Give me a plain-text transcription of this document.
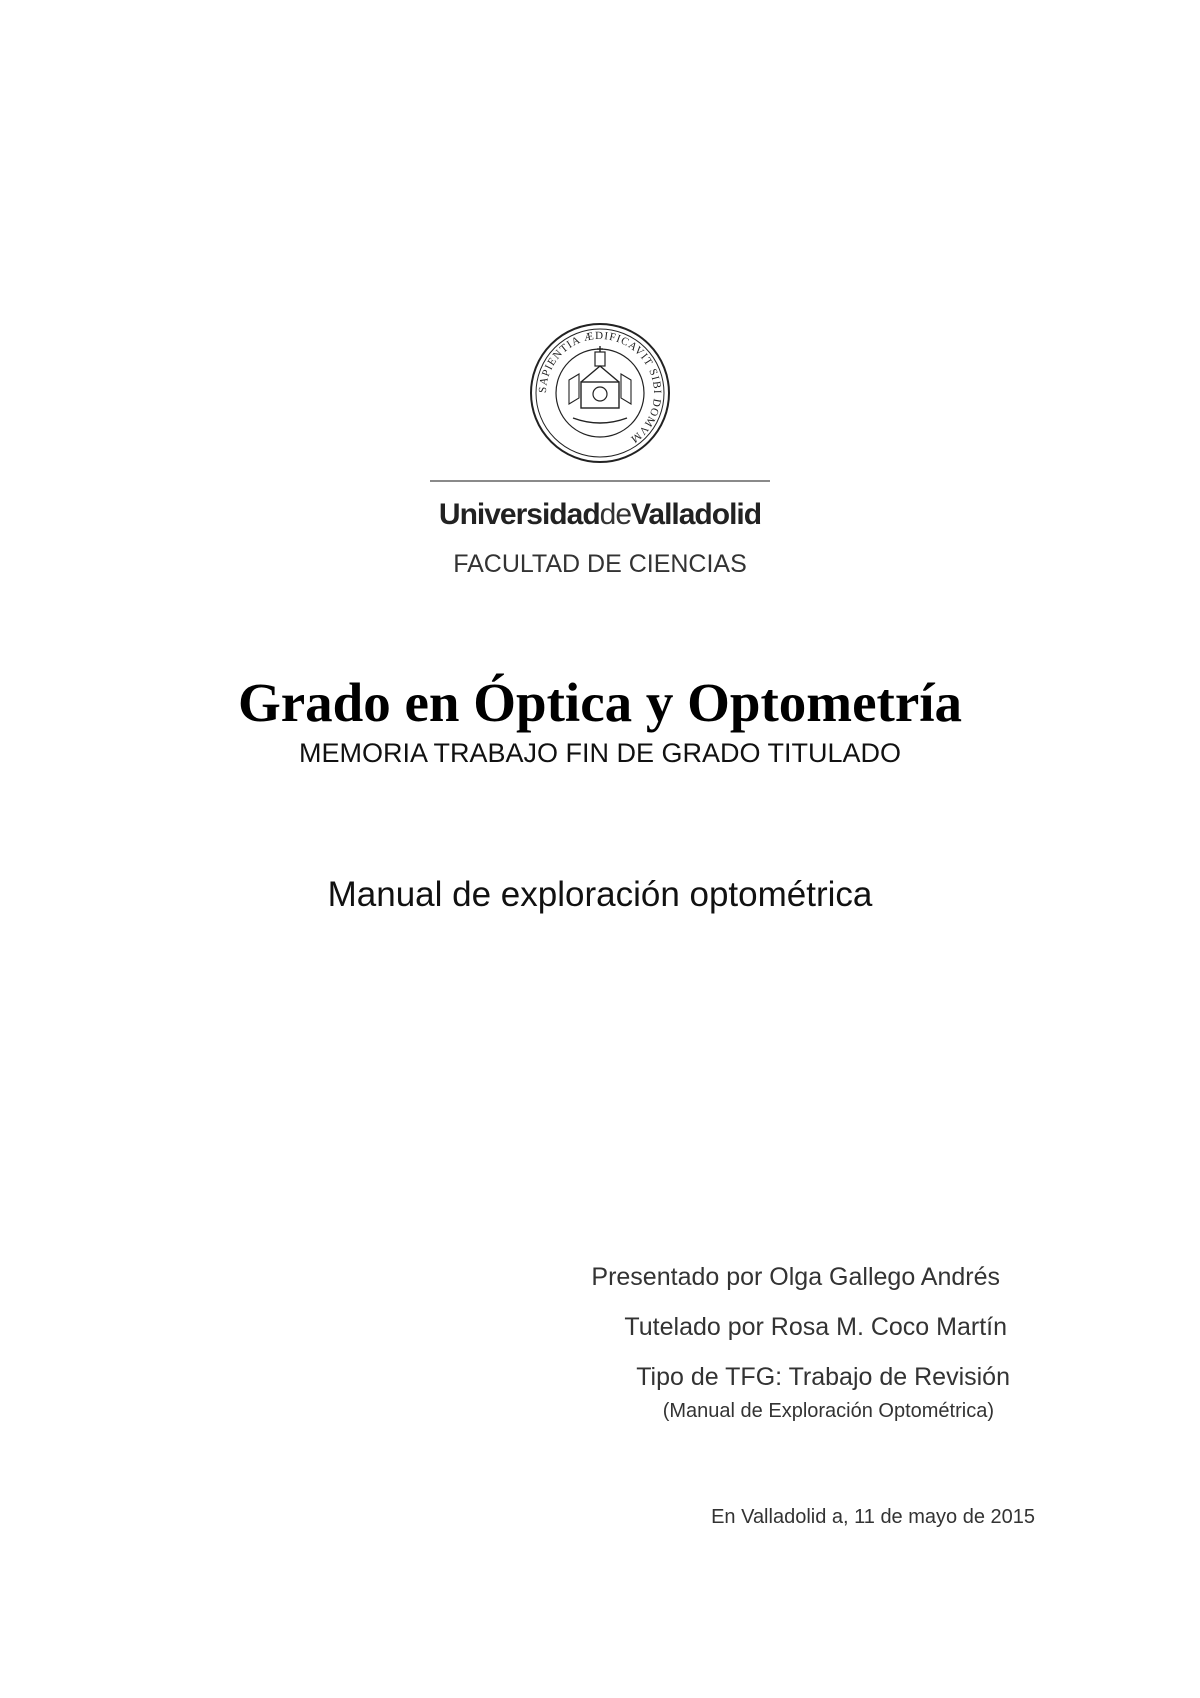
SAPIENTIA ÆDIFICAVIT SIBI DOMVM
UniversidaddeValladolid
FACULTAD DE CIENCIAS
Grado en Óptica y Optometría
MEMORIA TRABAJO FIN DE GRADO TITULADO
Manual de exploración optométrica
Presentado por Olga Gallego Andrés
Tutelado por Rosa M. Coco Martín
Tipo de TFG: Trabajo de Revisión
(Manual de Exploración Optométrica)
En Valladolid a, 11 de mayo de 2015
